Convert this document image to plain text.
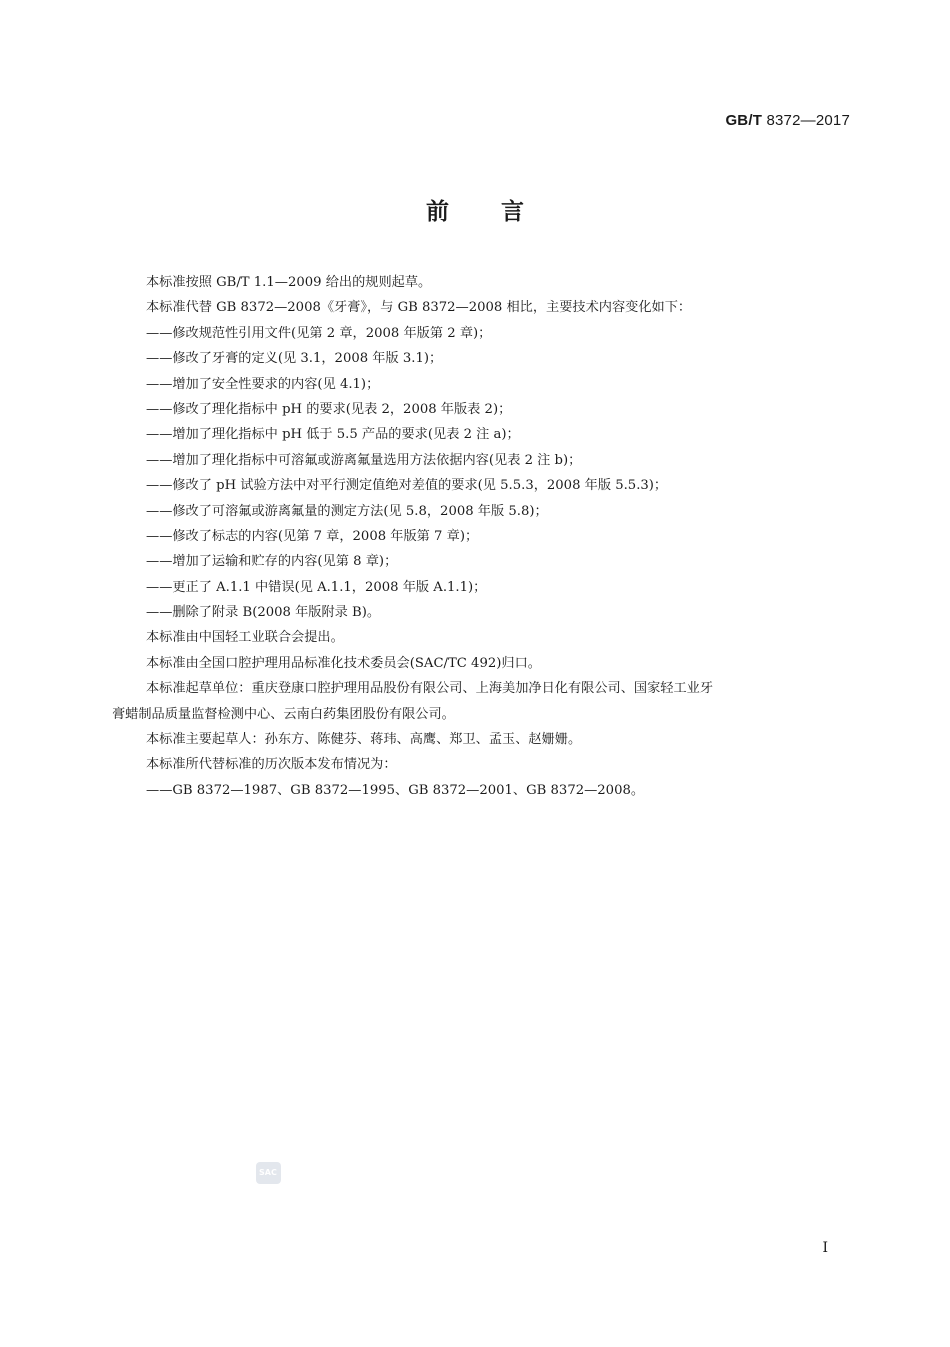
GB/T 8372—2017
前言
本标准按照 GB/T 1.1—2009 给出的规则起草。
本标准代替 GB 8372—2008《牙膏》，与 GB 8372—2008 相比，主要技术内容变化如下：
——修改规范性引用文件(见第 2 章，2008 年版第 2 章)；
——修改了牙膏的定义(见 3.1，2008 年版 3.1)；
——增加了安全性要求的内容(见 4.1)；
——修改了理化指标中 pH 的要求(见表 2，2008 年版表 2)；
——增加了理化指标中 pH 低于 5.5 产品的要求(见表 2 注 a)；
——增加了理化指标中可溶氟或游离氟量选用方法依据内容(见表 2 注 b)；
——修改了 pH 试验方法中对平行测定值绝对差值的要求(见 5.5.3，2008 年版 5.5.3)；
——修改了可溶氟或游离氟量的测定方法(见 5.8，2008 年版 5.8)；
——修改了标志的内容(见第 7 章，2008 年版第 7 章)；
——增加了运输和贮存的内容(见第 8 章)；
——更正了 A.1.1 中错误(见 A.1.1，2008 年版 A.1.1)；
——删除了附录 B(2008 年版附录 B)。
本标准由中国轻工业联合会提出。
本标准由全国口腔护理用品标准化技术委员会(SAC/TC 492)归口。
本标准起草单位：重庆登康口腔护理用品股份有限公司、上海美加净日化有限公司、国家轻工业牙
膏蜡制品质量监督检测中心、云南白药集团股份有限公司。
本标准主要起草人：孙东方、陈健芬、蒋玮、高鹰、郑卫、孟玉、赵姗姗。
本标准所代替标准的历次版本发布情况为：
——GB 8372—1987、GB 8372—1995、GB 8372—2001、GB 8372—2008。
SAC
I
